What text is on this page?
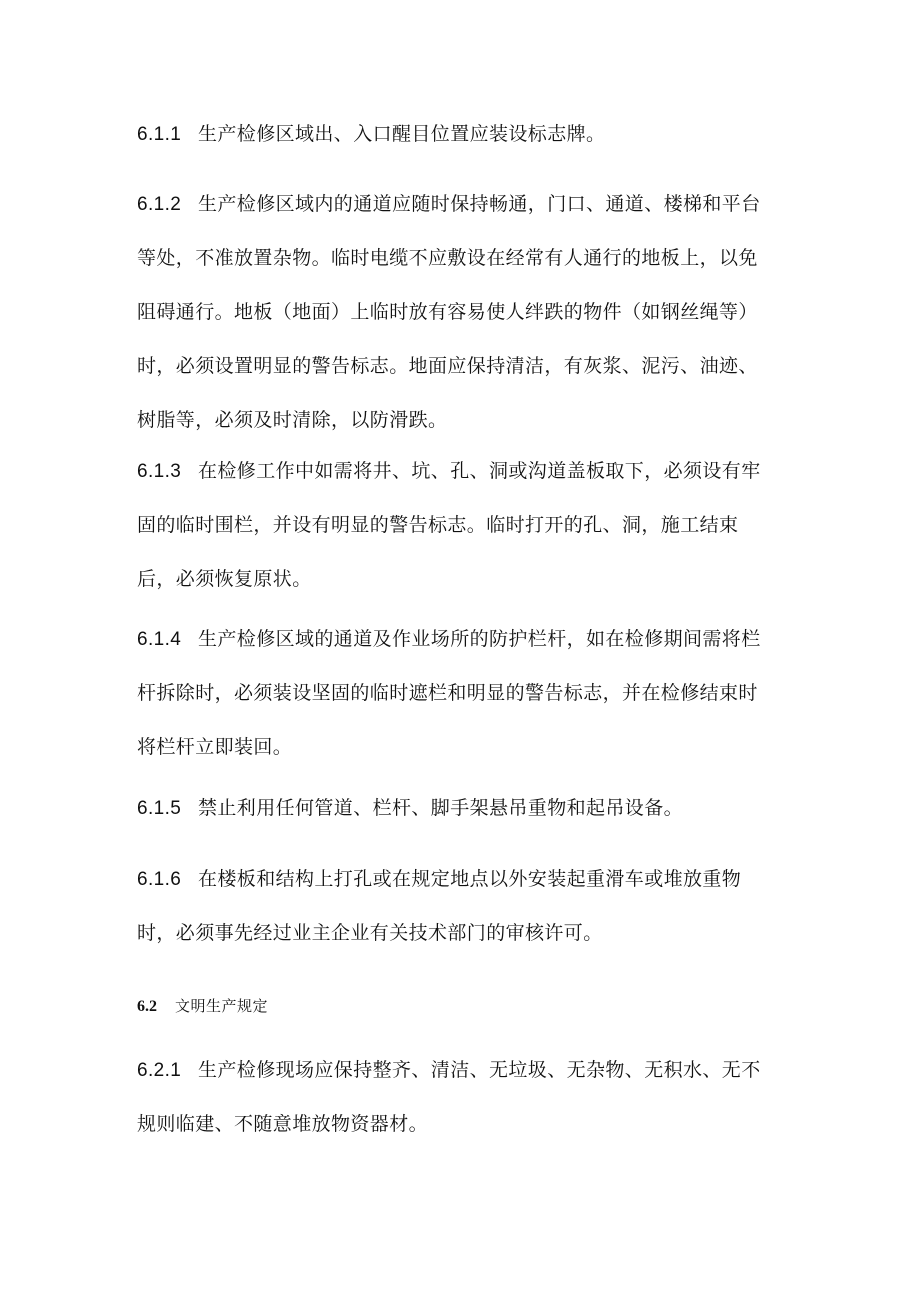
6.1.1 生产检修区域出、入口醒目位置应装设标志牌。
6.1.2 生产检修区域内的通道应随时保持畅通，门口、通道、楼梯和平台
等处，不准放置杂物。临时电缆不应敷设在经常有人通行的地板上，以免
阻碍通行。地板（地面）上临时放有容易使人绊跌的物件（如钢丝绳等）
时，必须设置明显的警告标志。地面应保持清洁，有灰浆、泥污、油迹、
树脂等，必须及时清除，以防滑跌。
6.1.3 在检修工作中如需将井、坑、孔、洞或沟道盖板取下，必须设有牢
固的临时围栏，并设有明显的警告标志。临时打开的孔、洞，施工结束
后，必须恢复原状。
6.1.4 生产检修区域的通道及作业场所的防护栏杆，如在检修期间需将栏
杆拆除时，必须装设坚固的临时遮栏和明显的警告标志，并在检修结束时
将栏杆立即装回。
6.1.5 禁止利用任何管道、栏杆、脚手架悬吊重物和起吊设备。
6.1.6 在楼板和结构上打孔或在规定地点以外安装起重滑车或堆放重物
时，必须事先经过业主企业有关技术部门的审核许可。
6.2 文明生产规定
6.2.1 生产检修现场应保持整齐、清洁、无垃圾、无杂物、无积水、无不
规则临建、不随意堆放物资器材。
